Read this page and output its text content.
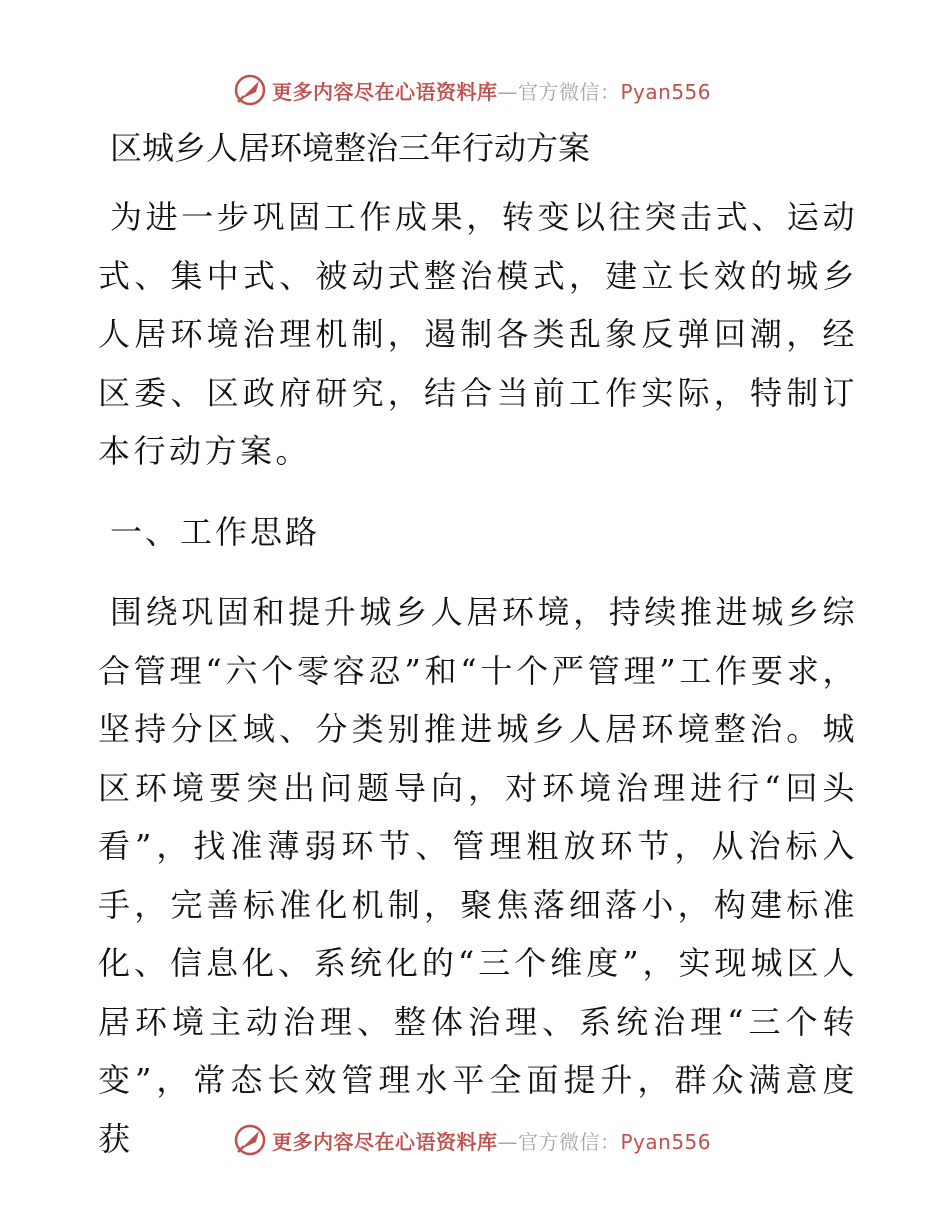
更多内容尽在心语资料库—官方微信：Pyan556
区城乡人居环境整治三年行动方案

为进一步巩固工作成果，转变以往突击式、运动式、集中式、被动式整治模式，建立长效的城乡人居环境治理机制，遏制各类乱象反弹回潮，经区委、区政府研究，结合当前工作实际，特制订本行动方案。

一、工作思路

围绕巩固和提升城乡人居环境，持续推进城乡综合管理“六个零容忍”和“十个严管理”工作要求，坚持分区域、分类别推进城乡人居环境整治。城区环境要突出问题导向，对环境治理进行“回头看”，找准薄弱环节、管理粗放环节，从治标入手，完善标准化机制，聚焦落细落小，构建标准化、信息化、系统化的“三个维度”，实现城区人居环境主动治理、整体治理、系统治理“三个转变”，常态长效管理水平全面提升，群众满意度获	更多内容尽在心语资料库—官方微信：Pyan556
